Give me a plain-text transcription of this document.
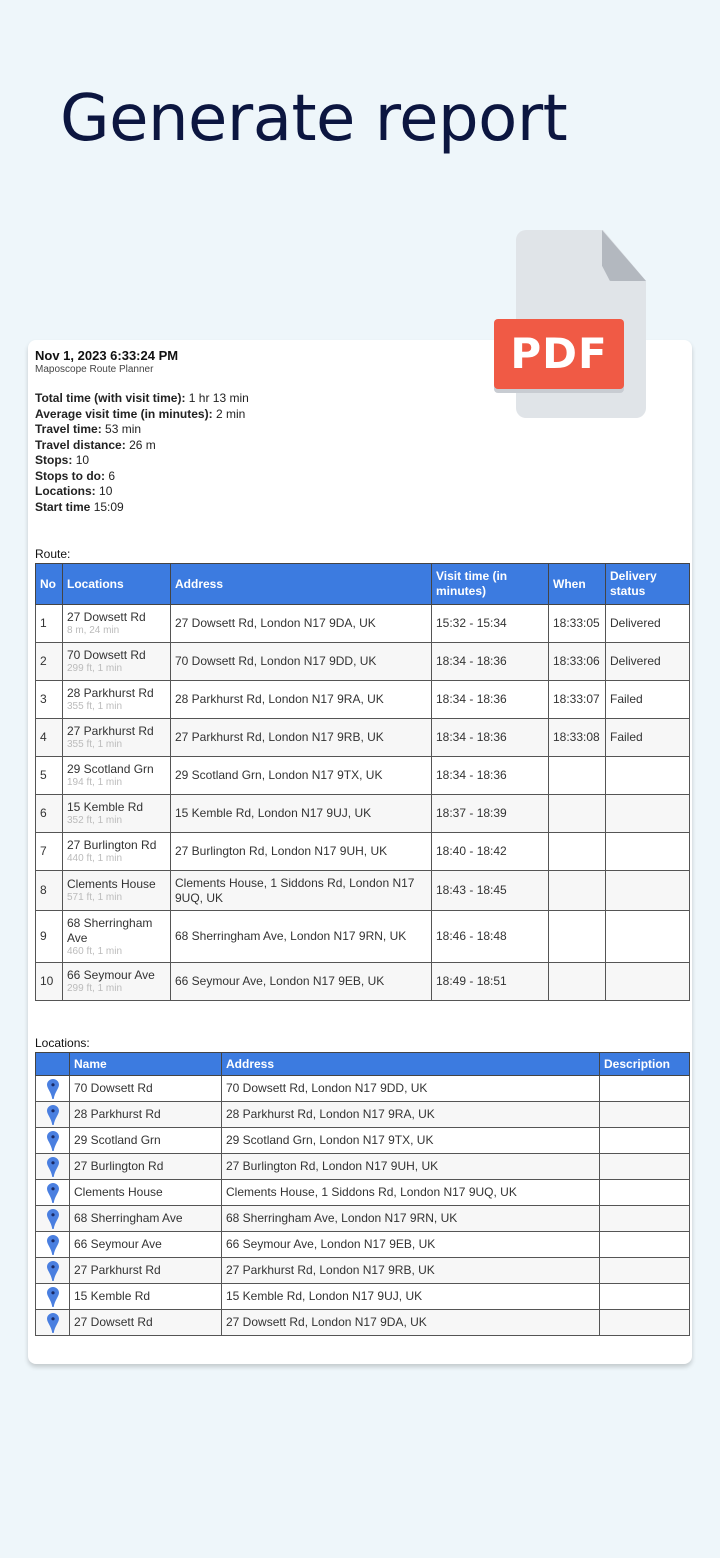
Generate report
PDF
Nov 1, 2023 6:33:24 PM
Maposcope Route Planner
Total time (with visit time): 1 hr 13 min
Average visit time (in minutes): 2 min
Travel time: 53 min
Travel distance: 26 m
Stops: 10
Stops to do: 6
Locations: 10
Start time 15:09
Route:
No	Locations	Address	Visit time (in minutes)	When	Delivery status
1	27 Dowsett Rd
8 m, 24 min	27 Dowsett Rd, London N17 9DA, UK	15:32 - 15:34	18:33:05	Delivered
2	70 Dowsett Rd
299 ft, 1 min	70 Dowsett Rd, London N17 9DD, UK	18:34 - 18:36	18:33:06	Delivered
3	28 Parkhurst Rd
355 ft, 1 min	28 Parkhurst Rd, London N17 9RA, UK	18:34 - 18:36	18:33:07	Failed
4	27 Parkhurst Rd
355 ft, 1 min	27 Parkhurst Rd, London N17 9RB, UK	18:34 - 18:36	18:33:08	Failed
5	29 Scotland Grn
194 ft, 1 min	29 Scotland Grn, London N17 9TX, UK	18:34 - 18:36		
6	15 Kemble Rd
352 ft, 1 min	15 Kemble Rd, London N17 9UJ, UK	18:37 - 18:39		
7	27 Burlington Rd
440 ft, 1 min	27 Burlington Rd, London N17 9UH, UK	18:40 - 18:42		
8	Clements House
571 ft, 1 min	Clements House, 1 Siddons Rd, London N17 9UQ, UK	18:43 - 18:45		
9	68 Sherringham Ave
460 ft, 1 min	68 Sherringham Ave, London N17 9RN, UK	18:46 - 18:48		
10	66 Seymour Ave
299 ft, 1 min	66 Seymour Ave, London N17 9EB, UK	18:49 - 18:51		
Locations:
	Name	Address	Description

	70 Dowsett Rd	70 Dowsett Rd, London N17 9DD, UK	

	28 Parkhurst Rd	28 Parkhurst Rd, London N17 9RA, UK	

	29 Scotland Grn	29 Scotland Grn, London N17 9TX, UK	

	27 Burlington Rd	27 Burlington Rd, London N17 9UH, UK	

	Clements House	Clements House, 1 Siddons Rd, London N17 9UQ, UK	

	68 Sherringham Ave	68 Sherringham Ave, London N17 9RN, UK	

	66 Seymour Ave	66 Seymour Ave, London N17 9EB, UK	

	27 Parkhurst Rd	27 Parkhurst Rd, London N17 9RB, UK	

	15 Kemble Rd	15 Kemble Rd, London N17 9UJ, UK	

	27 Dowsett Rd	27 Dowsett Rd, London N17 9DA, UK	
